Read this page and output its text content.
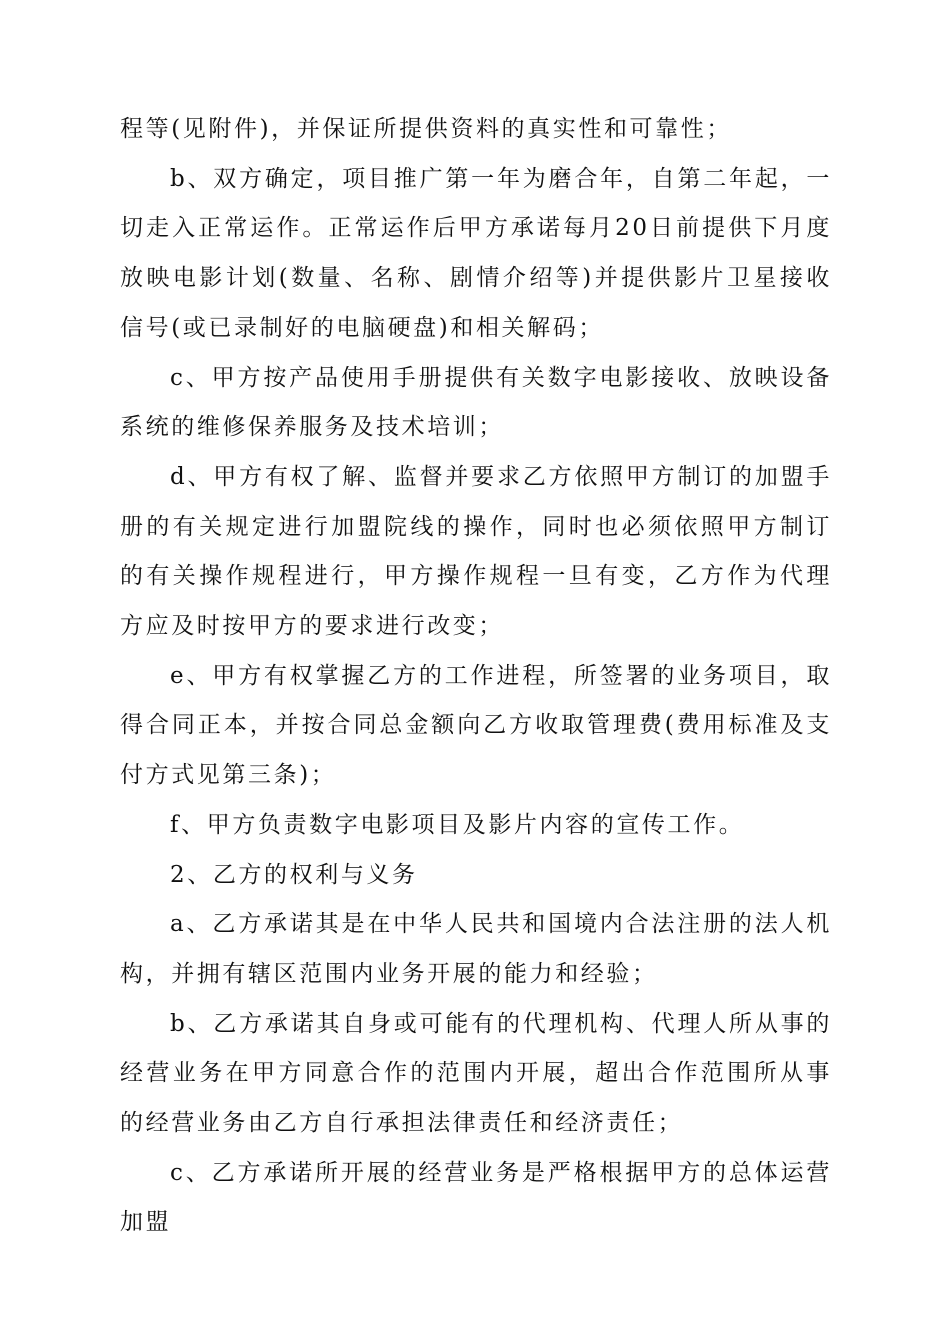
程等(见附件)，并保证所提供资料的真实性和可靠性；

b、双方确定，项目推广第一年为磨合年，自第二年起，一切走入正常运作。正常运作后甲方承诺每月20日前提供下月度放映电影计划(数量、名称、剧情介绍等)并提供影片卫星接收信号(或已录制好的电脑硬盘)和相关解码；

c、甲方按产品使用手册提供有关数字电影接收、放映设备系统的维修保养服务及技术培训；

d、甲方有权了解、监督并要求乙方依照甲方制订的加盟手册的有关规定进行加盟院线的操作，同时也必须依照甲方制订的有关操作规程进行，甲方操作规程一旦有变，乙方作为代理方应及时按甲方的要求进行改变；

e、甲方有权掌握乙方的工作进程，所签署的业务项目，取得合同正本，并按合同总金额向乙方收取管理费(费用标准及支付方式见第三条)；

f、甲方负责数字电影项目及影片内容的宣传工作。

2、乙方的权利与义务

a、乙方承诺其是在中华人民共和国境内合法注册的法人机构，并拥有辖区范围内业务开展的能力和经验；

b、乙方承诺其自身或可能有的代理机构、代理人所从事的经营业务在甲方同意合作的范围内开展，超出合作范围所从事的经营业务由乙方自行承担法律责任和经济责任；

c、乙方承诺所开展的经营业务是严格根据甲方的总体运营加盟
